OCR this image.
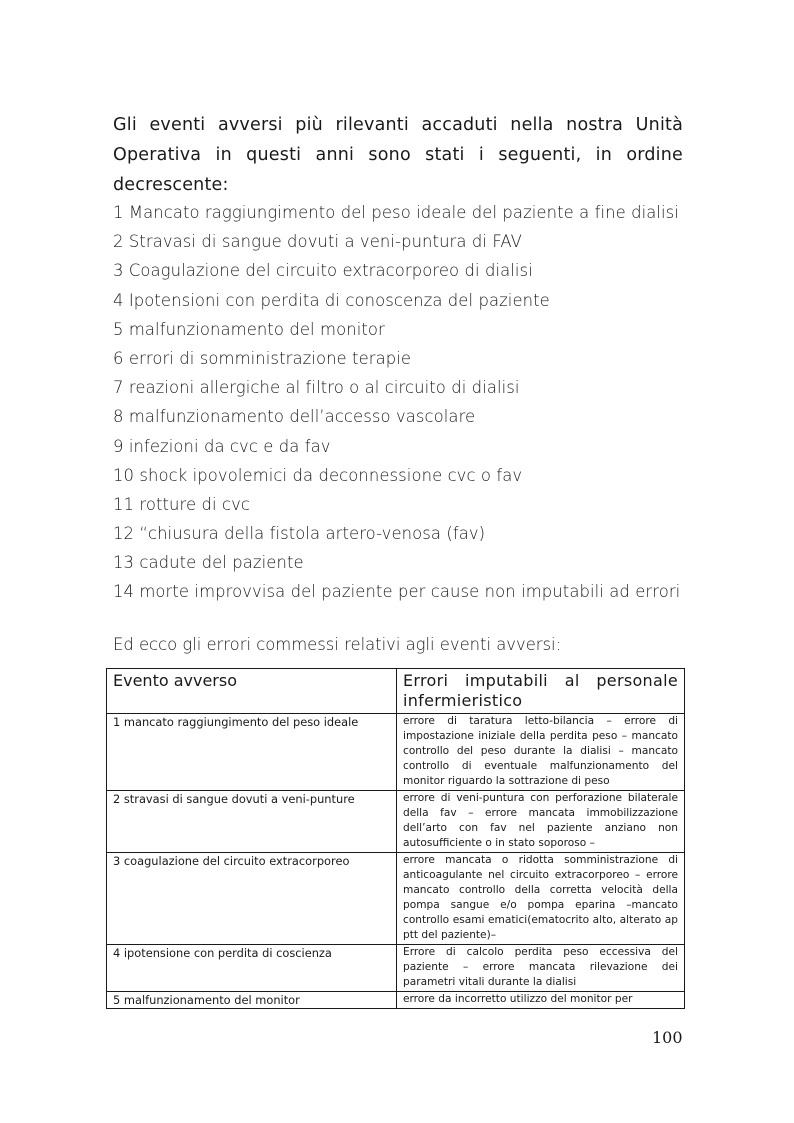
Gli eventi avversi più rilevanti accaduti nella nostra Unità Operativa in questi anni sono stati i seguenti, in ordine decrescente:

1 Mancato raggiungimento del peso ideale del paziente a fine dialisi
2 Stravasi di sangue dovuti a veni-puntura di FAV
3 Coagulazione del circuito extracorporeo di dialisi
4 Ipotensioni con perdita di conoscenza del paziente
5 malfunzionamento del monitor
6 errori di somministrazione terapie
7 reazioni allergiche al filtro o al circuito di dialisi
8 malfunzionamento dell’accesso vascolare
9 infezioni da cvc e da fav
10 shock ipovolemici da deconnessione cvc o fav
11 rotture di cvc
12 “chiusura della fistola artero-venosa (fav)
13 cadute del paziente
14 morte improvvisa del paziente per cause non imputabili ad errori
Ed ecco gli errori commessi relativi agli eventi avversi:
Evento avverso	Errori imputabili al personale infermieristico
1 mancato raggiungimento del peso ideale	errore di taratura letto-bilancia – errore di impostazione iniziale della perdita peso – mancato controllo del peso durante la dialisi – mancato controllo di eventuale malfunzionamento del monitor riguardo la sottrazione di peso
2 stravasi di sangue dovuti a veni-punture	errore di veni-puntura con perforazione bilaterale della fav – errore mancata immobilizzazione dell’arto con fav nel paziente anziano non autosufficiente o in stato soporoso –
3 coagulazione del circuito extracorporeo	errore mancata o ridotta somministrazione di anticoagulante nel circuito extracorporeo – errore mancato controllo della corretta velocità della pompa sangue e/o pompa eparina –mancato controllo esami ematici(ematocrito alto, alterato ap ptt del paziente)–
4 ipotensione con perdita di coscienza	Errore di calcolo perdita peso eccessiva del paziente – errore mancata rilevazione dei parametri vitali durante la dialisi
5 malfunzionamento del monitor	errore da incorretto utilizzo del monitor per
100
